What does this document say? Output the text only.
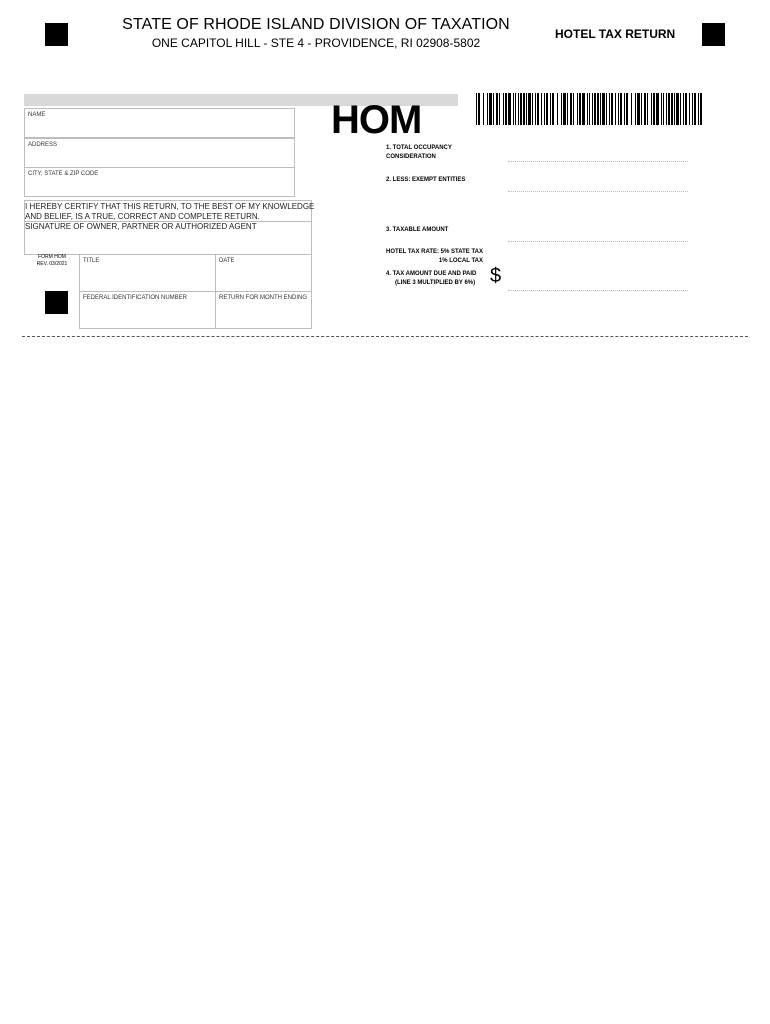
STATE OF RHODE ISLAND DIVISION OF TAXATION
ONE CAPITOL HILL - STE 4 - PROVIDENCE, RI 02908-5802
HOTEL TAX RETURN
HOM
NAME
ADDRESS
CITY, STATE & ZIP CODE
I HEREBY CERTIFY THAT THIS RETURN, TO THE BEST OF MY KNOWLEDGE
AND BELIEF, IS A TRUE, CORRECT AND COMPLETE RETURN.
SIGNATURE OF OWNER, PARTNER OR AUTHORIZED AGENT
FORM HOM
REV. 03/2021	TITLE	DATE
FEDERAL IDENTIFICATION NUMBER	RETURN FOR MONTH ENDING
1. TOTAL OCCUPANCY
CONSIDERATION
2. LESS: EXEMPT ENTITIES
3. TAXABLE AMOUNT
HOTEL TAX RATE: 5% STATE TAX
1% LOCAL TAX
4. TAX AMOUNT DUE AND PAID
(LINE 3 MULTIPLIED BY 6%) $
